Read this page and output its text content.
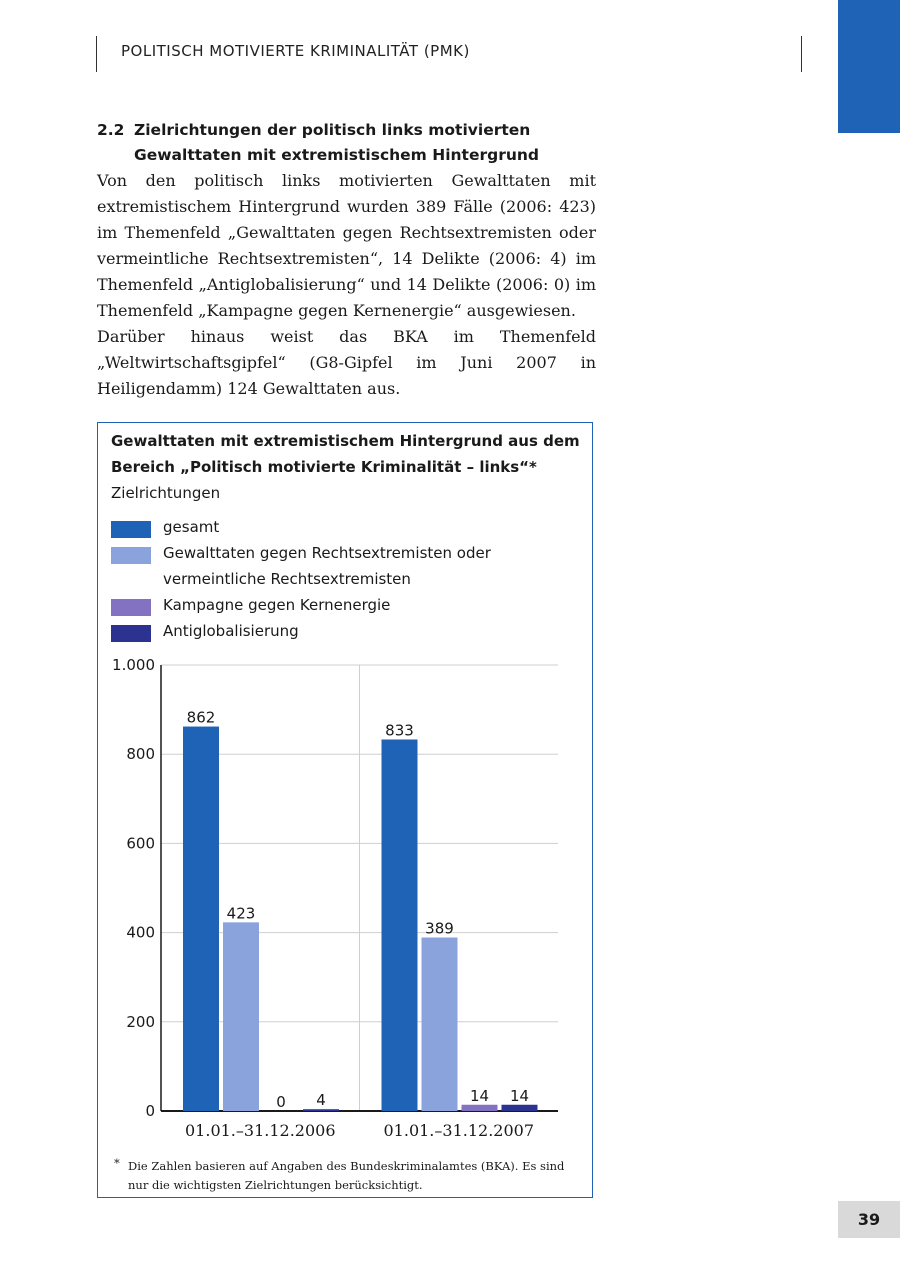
POLITISCH MOTIVIERTE KRIMINALITÄT (PMK)
2.2 Zielrichtungen der politisch links motivierten Gewalttaten mit extremistischem Hintergrund

Von den politisch links motivierten Gewalttaten mit extremistischem Hintergrund wurden 389 Fälle (2006: 423) im Themenfeld „Gewalttaten gegen Rechtsextremisten oder vermeintliche Rechtsextremisten“, 14 Delikte (2006: 4) im Themenfeld „Antiglobalisierung“ und 14 Delikte (2006: 0) im Themenfeld „Kampagne gegen Kernenergie“ ausgewiesen.

Darüber hinaus weist das BKA im Themenfeld „Weltwirtschaftsgipfel“ (G8-Gipfel im Juni 2007 in Heiligendamm) 124 Gewalttaten aus.

Gewalttaten mit extremistischem Hintergrund aus dem Bereich „Politisch motivierte Kriminalität – links“*
Zielrichtungen
gesamt
Gewalttaten gegen Rechtsextremisten oder vermeintliche Rechtsextremisten
Kampagne gegen Kernenergie
Antiglobalisierung
0
200
400
600
800
1.000
862
423
0 4
01.01.–31.12.2006
833
389
14 14
01.01.–31.12.2007
* Die Zahlen basieren auf Angaben des Bundeskriminalamtes (BKA). Es sind nur die wichtigsten Zielrichtungen berücksichtigt.
39
